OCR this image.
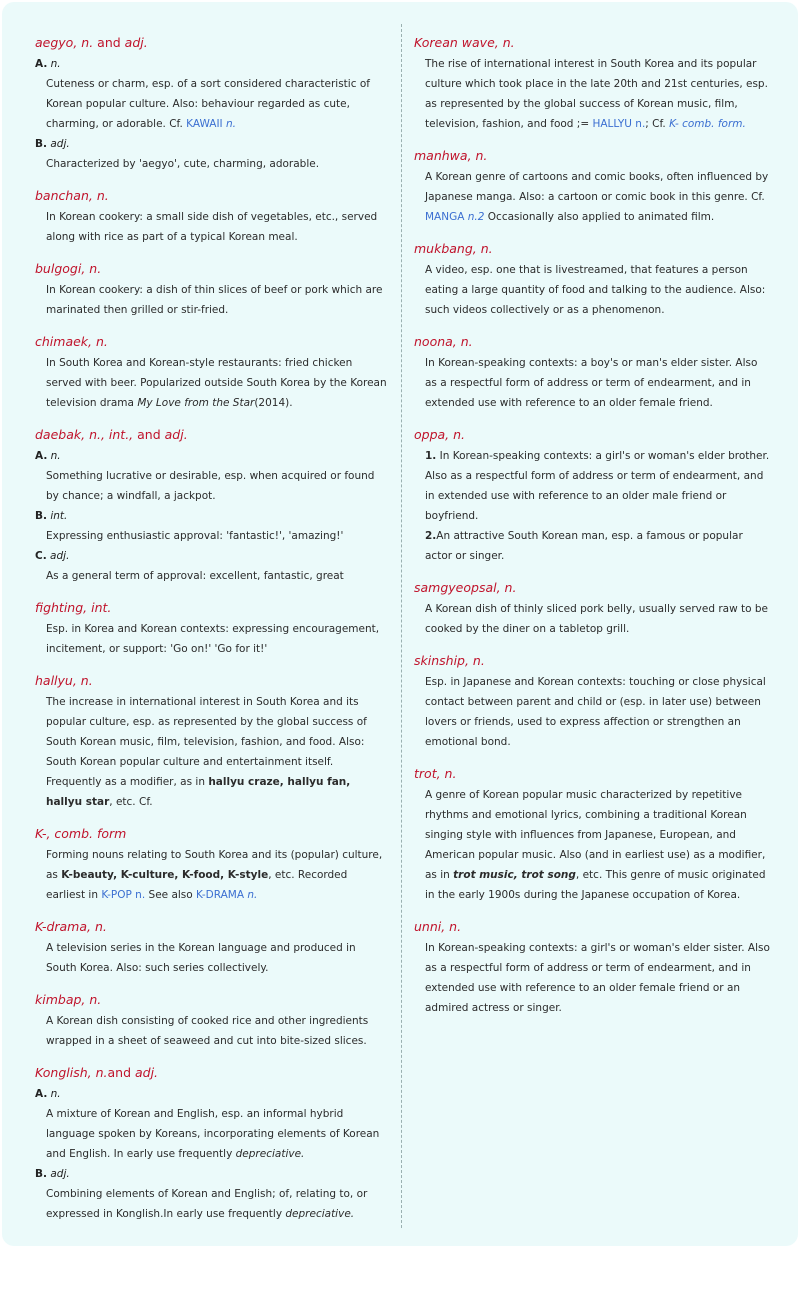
aegyo, n. and adj.
A. n.
Cuteness or charm, esp. of a sort considered characteristic of Korean popular culture. Also: behaviour regarded as cute, charming, or adorable. Cf. KAWAII n.
B. adj.
Characterized by 'aegyo', cute, charming, adorable.
banchan, n.
In Korean cookery: a small side dish of vegetables, etc., served along with rice as part of a typical Korean meal.
bulgogi, n.
In Korean cookery: a dish of thin slices of beef or pork which are marinated then grilled or stir-fried.
chimaek, n.
In South Korea and Korean-style restaurants: fried chicken served with beer. Popularized outside South Korea by the Korean television drama My Love from the Star(2014).
daebak, n., int., and adj.
A. n.
Something lucrative or desirable, esp. when acquired or found by chance; a windfall, a jackpot.
B. int.
Expressing enthusiastic approval: 'fantastic!', 'amazing!'
C. adj.
As a general term of approval: excellent, fantastic, great
fighting, int.
Esp. in Korea and Korean contexts: expressing encouragement, incitement, or support: 'Go on!' 'Go for it!'
hallyu, n.
The increase in international interest in South Korea and its popular culture, esp. as represented by the global success of South Korean music, film, television, fashion, and food. Also: South Korean popular culture and entertainment itself. Frequently as a modifier, as in hallyu craze, hallyu fan, hallyu star, etc. Cf.
K-, comb. form
Forming nouns relating to South Korea and its (popular) culture, as K-beauty, K-culture, K-food, K-style, etc. Recorded earliest in K-POP n. See also K-DRAMA n.
K-drama, n.
A television series in the Korean language and produced in South Korea. Also: such series collectively.
kimbap, n.
A Korean dish consisting of cooked rice and other ingredients wrapped in a sheet of seaweed and cut into bite-sized slices.
Konglish, n.and adj.
A. n.
A mixture of Korean and English, esp. an informal hybrid language spoken by Koreans, incorporating elements of Korean and English. In early use frequently depreciative.
B. adj.
Combining elements of Korean and English; of, relating to, or expressed in Konglish.In early use frequently depreciative.
Korean wave, n.
The rise of international interest in South Korea and its popular culture which took place in the late 20th and 21st centuries, esp. as represented by the global success of Korean music, film, television, fashion, and food ;= HALLYU n.; Cf. K- comb. form.
manhwa, n.
A Korean genre of cartoons and comic books, often influenced by Japanese manga. Also: a cartoon or comic book in this genre. Cf. MANGA n.2 Occasionally also applied to animated film.
mukbang, n.
A video, esp. one that is livestreamed, that features a person eating a large quantity of food and talking to the audience. Also: such videos collectively or as a phenomenon.
noona, n.
In Korean-speaking contexts: a boy's or man's elder sister. Also as a respectful form of address or term of endearment, and in extended use with reference to an older female friend.
oppa, n.
1. In Korean-speaking contexts: a girl's or woman's elder brother. Also as a respectful form of address or term of endearment, and in extended use with reference to an older male friend or boyfriend.
2.An attractive South Korean man, esp. a famous or popular actor or singer.
samgyeopsal, n.
A Korean dish of thinly sliced pork belly, usually served raw to be cooked by the diner on a tabletop grill.
skinship, n.
Esp. in Japanese and Korean contexts: touching or close physical contact between parent and child or (esp. in later use) between lovers or friends, used to express affection or strengthen an emotional bond.
trot, n.
A genre of Korean popular music characterized by repetitive rhythms and emotional lyrics, combining a traditional Korean singing style with influences from Japanese, European, and American popular music. Also (and in earliest use) as a modifier, as in trot music, trot song, etc. This genre of music originated in the early 1900s during the Japanese occupation of Korea.
unni, n.
In Korean-speaking contexts: a girl's or woman's elder sister. Also as a respectful form of address or term of endearment, and in extended use with reference to an older female friend or an admired actress or singer.
